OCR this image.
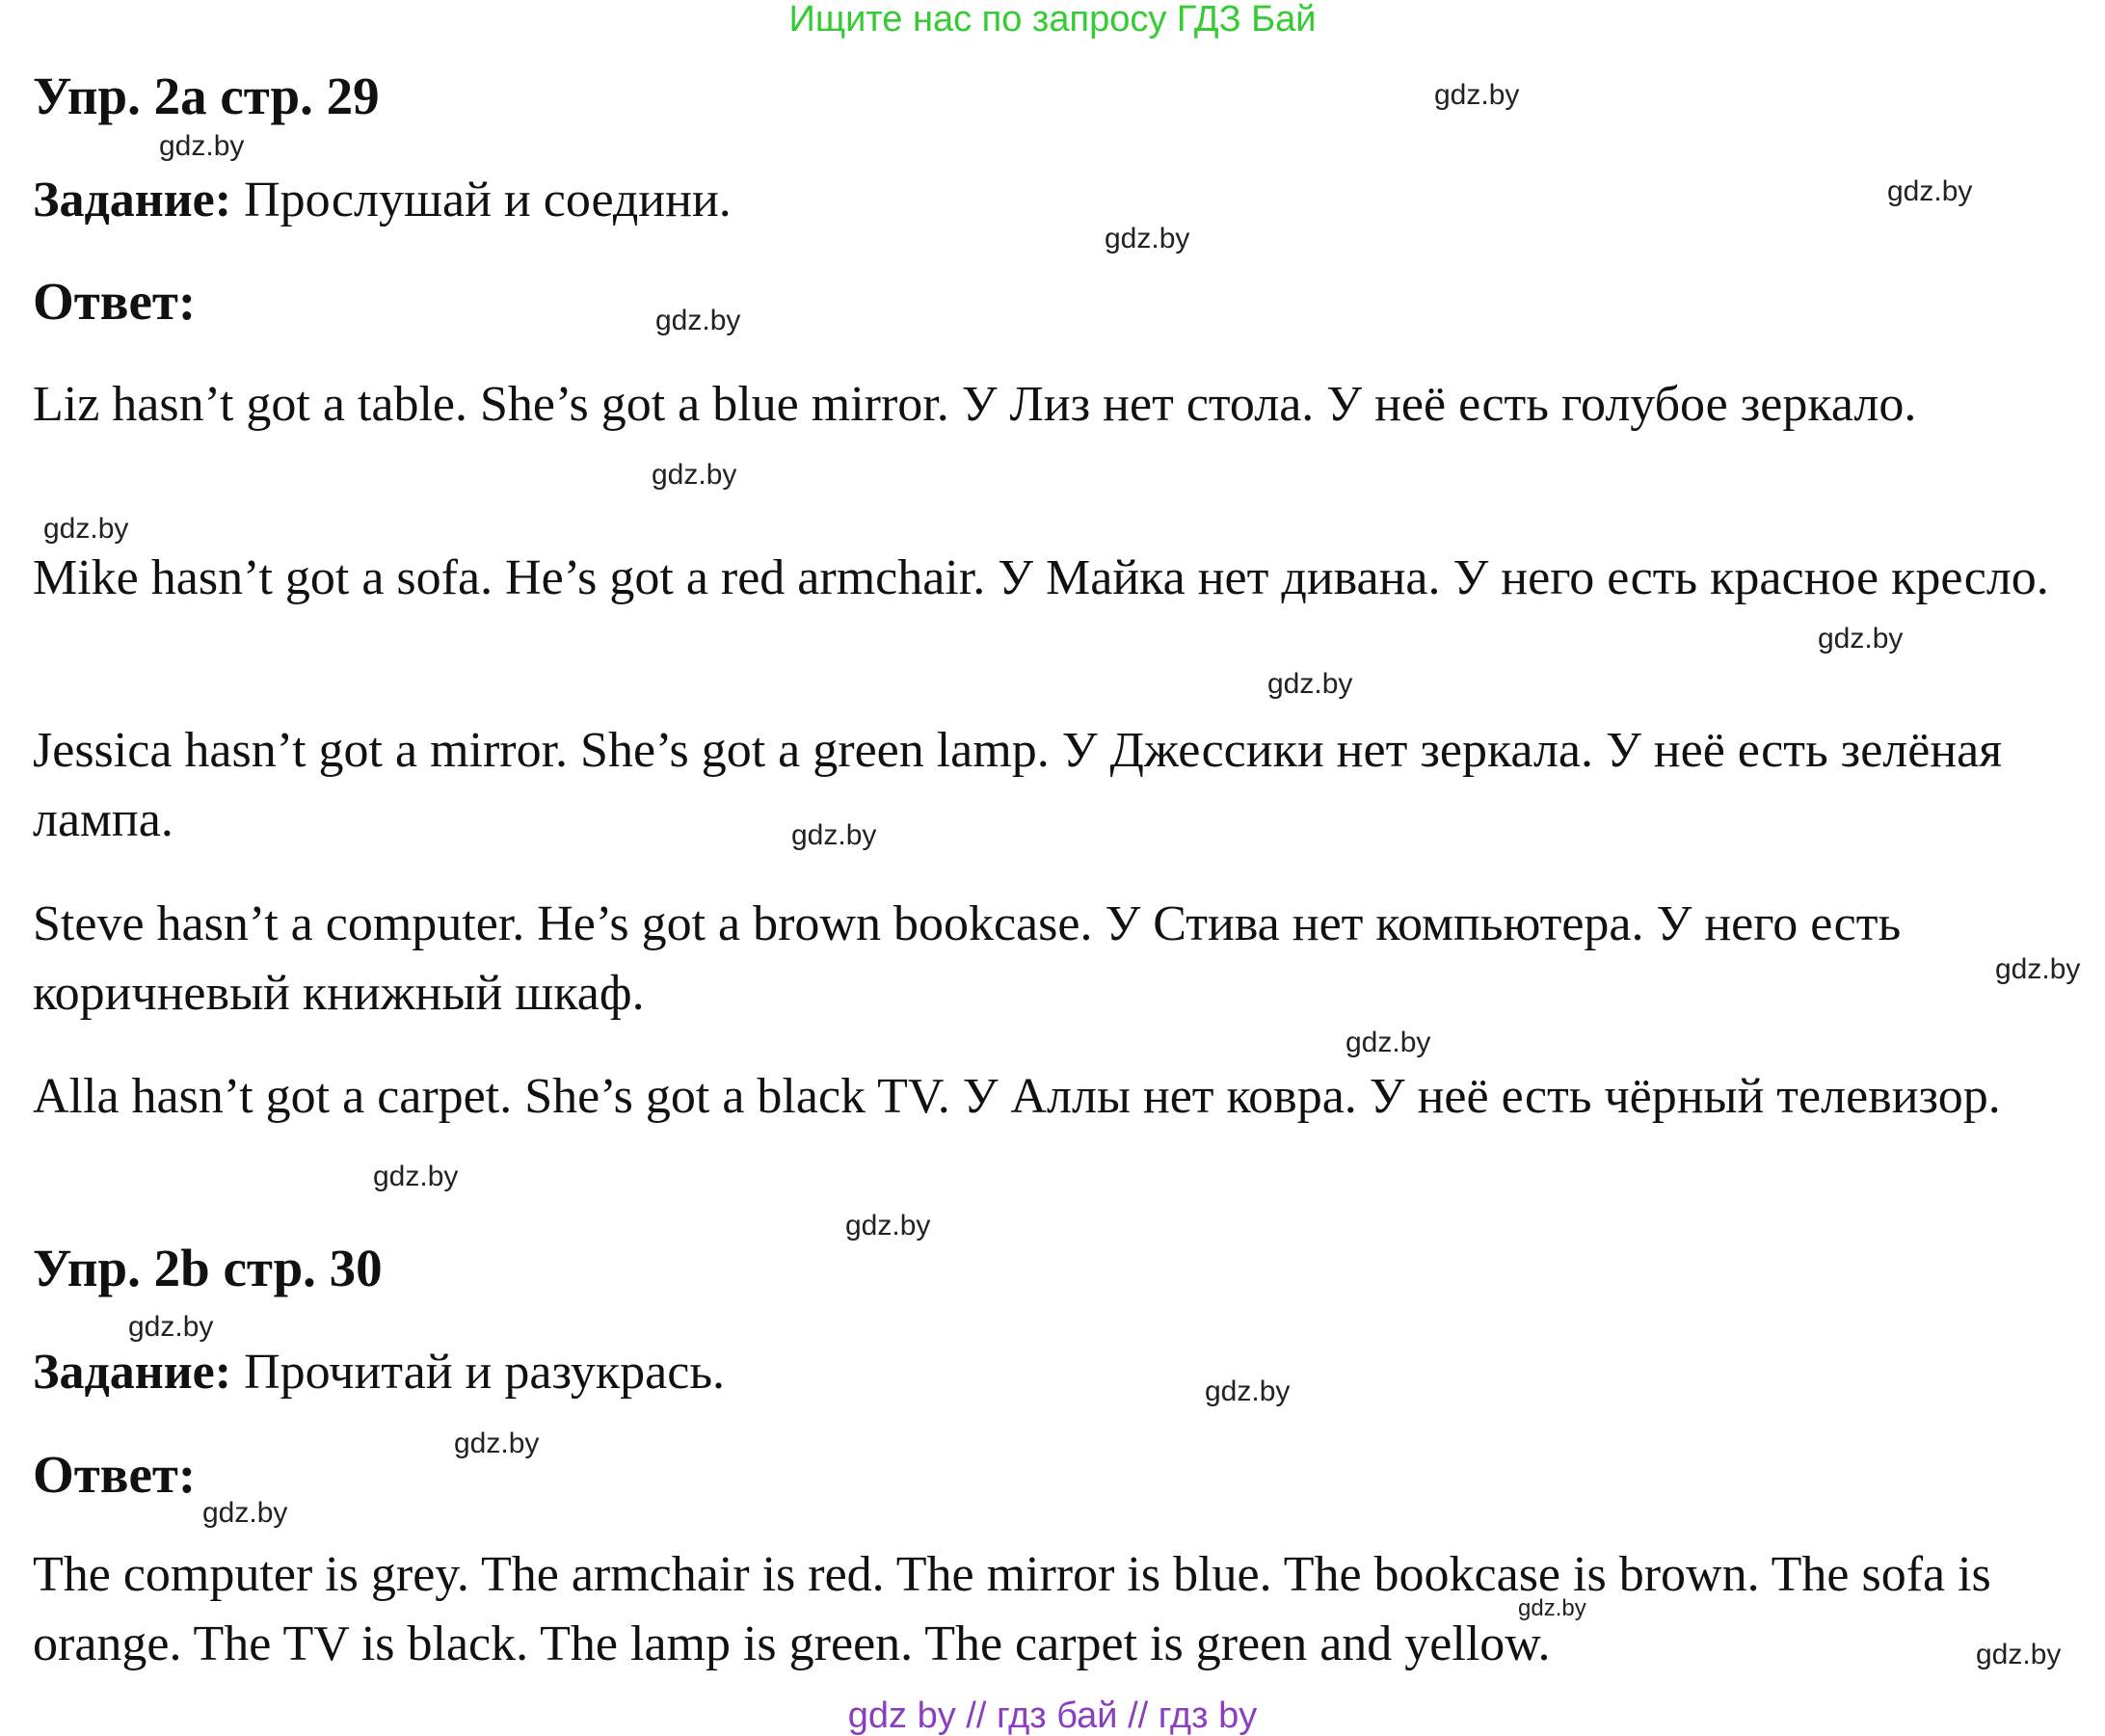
Ищите нас по запросу ГДЗ Бай
Упр. 2а стр. 29
Задание: Прослушай и соедини.
Ответ:

Liz hasn’t got a table. She’s got a blue mirror. У Лиз нет стола. У неё есть голубое зеркало.

Mike hasn’t got a sofa. He’s got a red armchair. У Майка нет дивана. У него есть красное кресло.

Jessica hasn’t got a mirror. She’s got a green lamp. У Джессики нет зеркала. У неё есть зелёная лампа.

Steve hasn’t a computer. He’s got a brown bookcase. У Стива нет компьютера. У него есть коричневый книжный шкаф.

Alla hasn’t got a carpet. She’s got a black TV. У Аллы нет ковра. У неё есть чёрный телевизор.

Упр. 2b стр. 30
Задание: Прочитай и разукрась.
Ответ:

The computer is grey. The armchair is red. The mirror is blue. The bookcase is brown. The sofa is orange. The TV is black. The lamp is green. The carpet is green and yellow.

gdz.by
gdz.by
gdz.by
gdz.by
gdz.by
gdz.by
gdz.by
gdz.by
gdz.by
gdz.by
gdz.by
gdz.by
gdz.by
gdz.by
gdz.by
gdz.by
gdz.by
gdz.by
gdz.by
gdz.by
gdz by // гдз бай // гдз by
